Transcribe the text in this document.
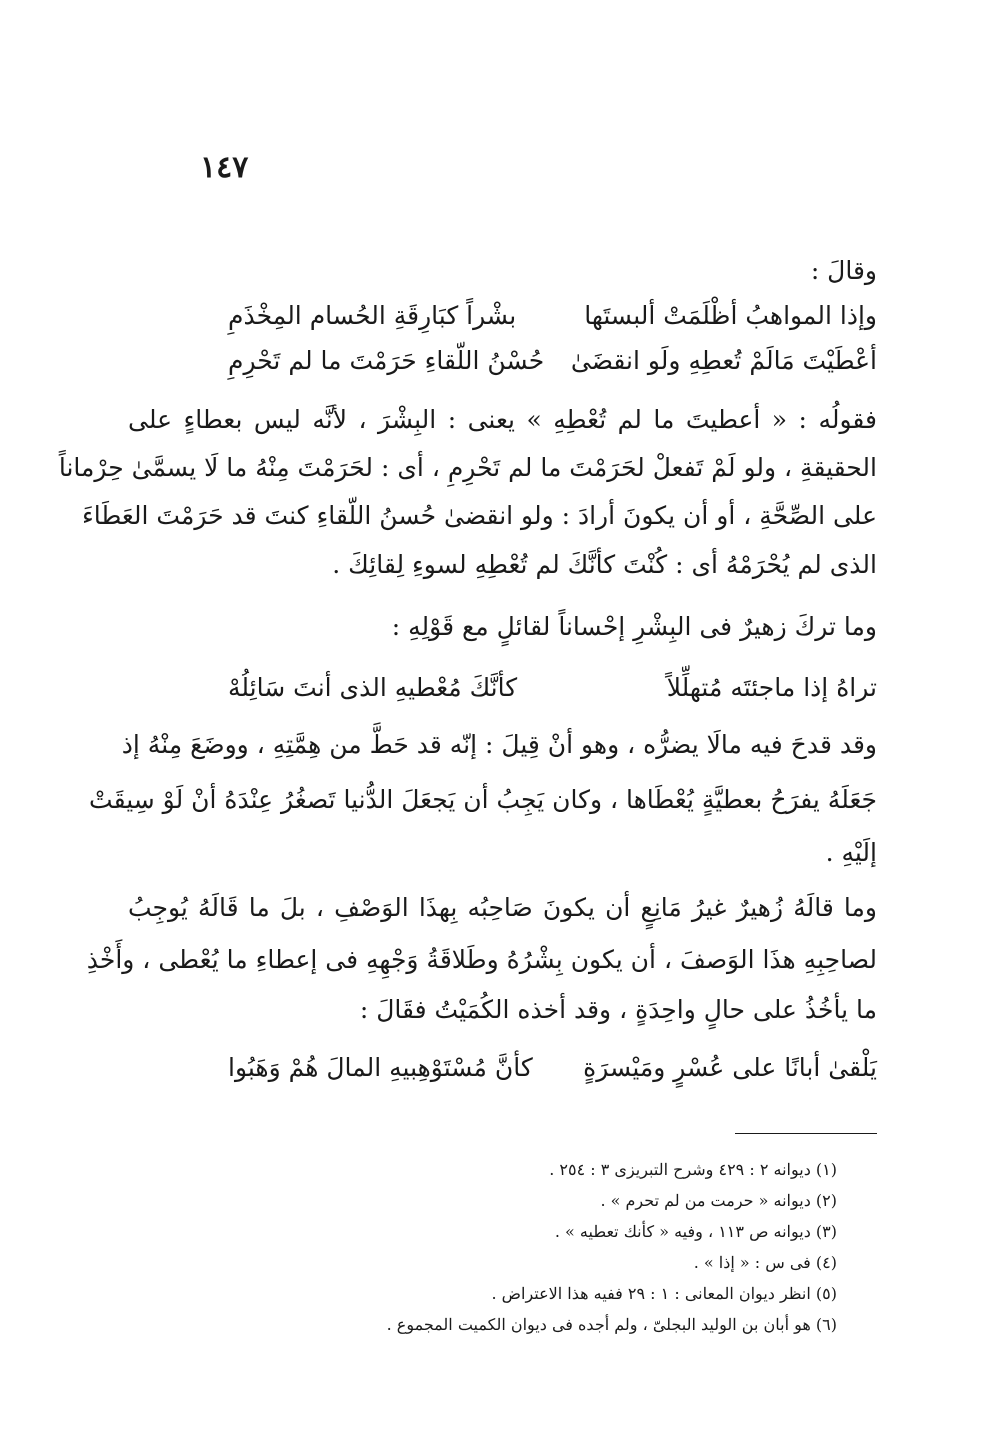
١٤٧
وقالَ :
وإذا المواهبُ أظْلَمَتْ ألبستَها
بشْراً كبَارِقَةِ الحُسام المِخْذَمِ
أعْطَيْتَ مَالَمْ تُعطِهِ ولَو انقضَىٰ
حُسْنُ اللّقاءِ حَرَمْتَ ما لم تَحْرِمِ
فقولُه : « أعطيتَ ما لم تُعْطِهِ » يعنى : البِشْرَ ، لأنَّه ليس بعطاءٍ على
الحقيقةِ ، ولو لَمْ تَفعلْ لحَرَمْتَ ما لم تَحْرِمِ ، أى : لحَرَمْتَ مِنْهُ ما لَا يسمَّىٰ حِرْماناً
على الصِّحَّةِ ، أو أن يكونَ أرادَ : ولو انقضىٰ حُسنُ اللّقاءِ كنتَ قد حَرَمْتَ العَطَاءَ
الذى لم يُحْرَمْهُ أى : كُنْتَ كأنَّكَ لم تُعْطِهِ لسوءِ لِقائِكَ .
وما تركَ زهيرٌ فى البِشْرِ إحْساناً لقائلٍ مع قَوْلِهِ :
تراهُ إذا ماجئتَه مُتهلِّلاً
كأنَّكَ مُعْطيهِ الذى أنتَ سَائِلُهْ
وقد قدحَ فيه مالَا يضرُّه ، وهو أنْ قِيلَ : إنّه قد حَطَّ من هِمَّتِهِ ، ووضَعَ مِنْهُ إذ
جَعَلَهُ يفرَحُ بعطيَّةٍ يُعْطَاها ، وكان يَجِبُ أن يَجعَلَ الدُّنيا تَصغُرُ عِنْدَهُ أنْ لَوْ سِيقَتْ
إلَيْهِ .
وما قالَهُ زُهيرٌ غيرُ مَانِعٍ أن يكونَ صَاحِبُه بِهذَا الوَصْفِ ، بلَ ما قَالَهُ يُوجِبُ
لصاحِبِهِ هذَا الوَصفَ ، أن يكون بِشْرُهُ وطَلاقَةُ وَجْهِهِ فى إعطاءِ ما يُعْطى ، وأَخْذِ
ما يأخُذُ على حالٍ واحِدَةٍ ، وقد أخذه الكُمَيْتُ فقَالَ :
يَلْقىٰ أبانًا على عُسْرٍ ومَيْسرَةٍ
كأنَّ مُسْتَوْهِبيهِ المالَ هُمْ وَهَبُوا
(١) ديوانه ٢ : ٤٢٩ وشرح التبريزى ٣ : ٢٥٤ .
(٢) ديوانه « حرمت من لم تحرم » .
(٣) ديوانه ص ١١٣ ، وفيه « كأنك تعطيه » .
(٤) فى س : « إذا » .
(٥) انظر ديوان المعانى : ١ : ٢٩ ففيه هذا الاعتراض .
(٦) هو أبان بن الوليد البجلىّ ، ولم أجده فى ديوان الكميت المجموع .
